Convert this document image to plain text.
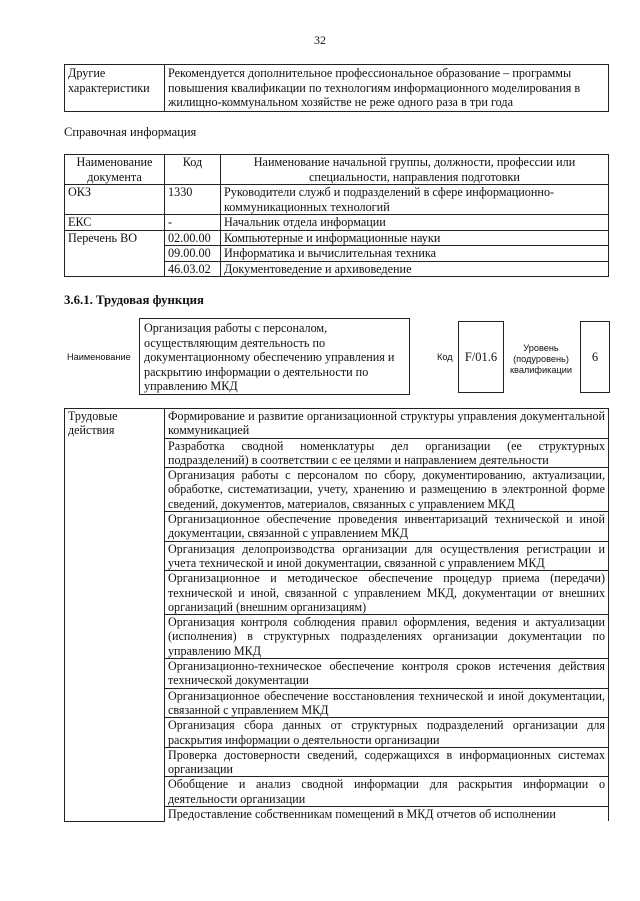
32
Другие характеристики	Рекомендуется дополнительное профессиональное образование – программы повышения квалификации по технологиям информационного моделирования в жилищно-коммунальном хозяйстве не реже одного раза в три года
Справочная информация
Наименование документа	Код	Наименование начальной группы, должности, профессии или специальности, направления подготовки
ОКЗ	1330	Руководители служб и подразделений в сфере информационно-коммуникационных технологий
ЕКС	-	Начальник отдела информации
Перечень ВО	02.00.00	Компьютерные и информационные науки
	09.00.00	Информатика и вычислительная техника
	46.03.02	Документоведение и архивоведение
3.6.1. Трудовая функция
Наименование
Организация работы с персоналом, осуществляющим деятельность по документационному обеспечению управления и раскрытию информации о деятельности по управлению МКД
Код F/01.6
Уровень (подуровень) квалификации
6
Трудовые действия	Формирование и развитие организационной структуры управления документальной коммуникацией
Разработка сводной номенклатуры дел организации (ее структурных подразделений) в соответствии с ее целями и направлением деятельности
Организация работы с персоналом по сбору, документированию, актуализации, обработке, систематизации, учету, хранению и размещению в электронной форме сведений, документов, материалов, связанных с управлением МКД
Организационное обеспечение проведения инвентаризаций технической и иной документации, связанной с управлением МКД
Организация делопроизводства организации для осуществления регистрации и учета технической и иной документации, связанной с управлением МКД
Организационное и методическое обеспечение процедур приема (передачи) технической и иной, связанной с управлением МКД, документации от внешних организаций (внешним организациям)
Организация контроля соблюдения правил оформления, ведения и актуализации (исполнения) в структурных подразделениях организации документации по управлению МКД
Организационно-техническое обеспечение контроля сроков истечения действия технической документации
Организационное обеспечение восстановления технической и иной документации, связанной с управлением МКД
Организация сбора данных от структурных подразделений организации для раскрытия информации о деятельности организации
Проверка достоверности сведений, содержащихся в информационных системах организации
Обобщение и анализ сводной информации для раскрытия информации о деятельности организации
Предоставление собственникам помещений в МКД отчетов об исполнении
